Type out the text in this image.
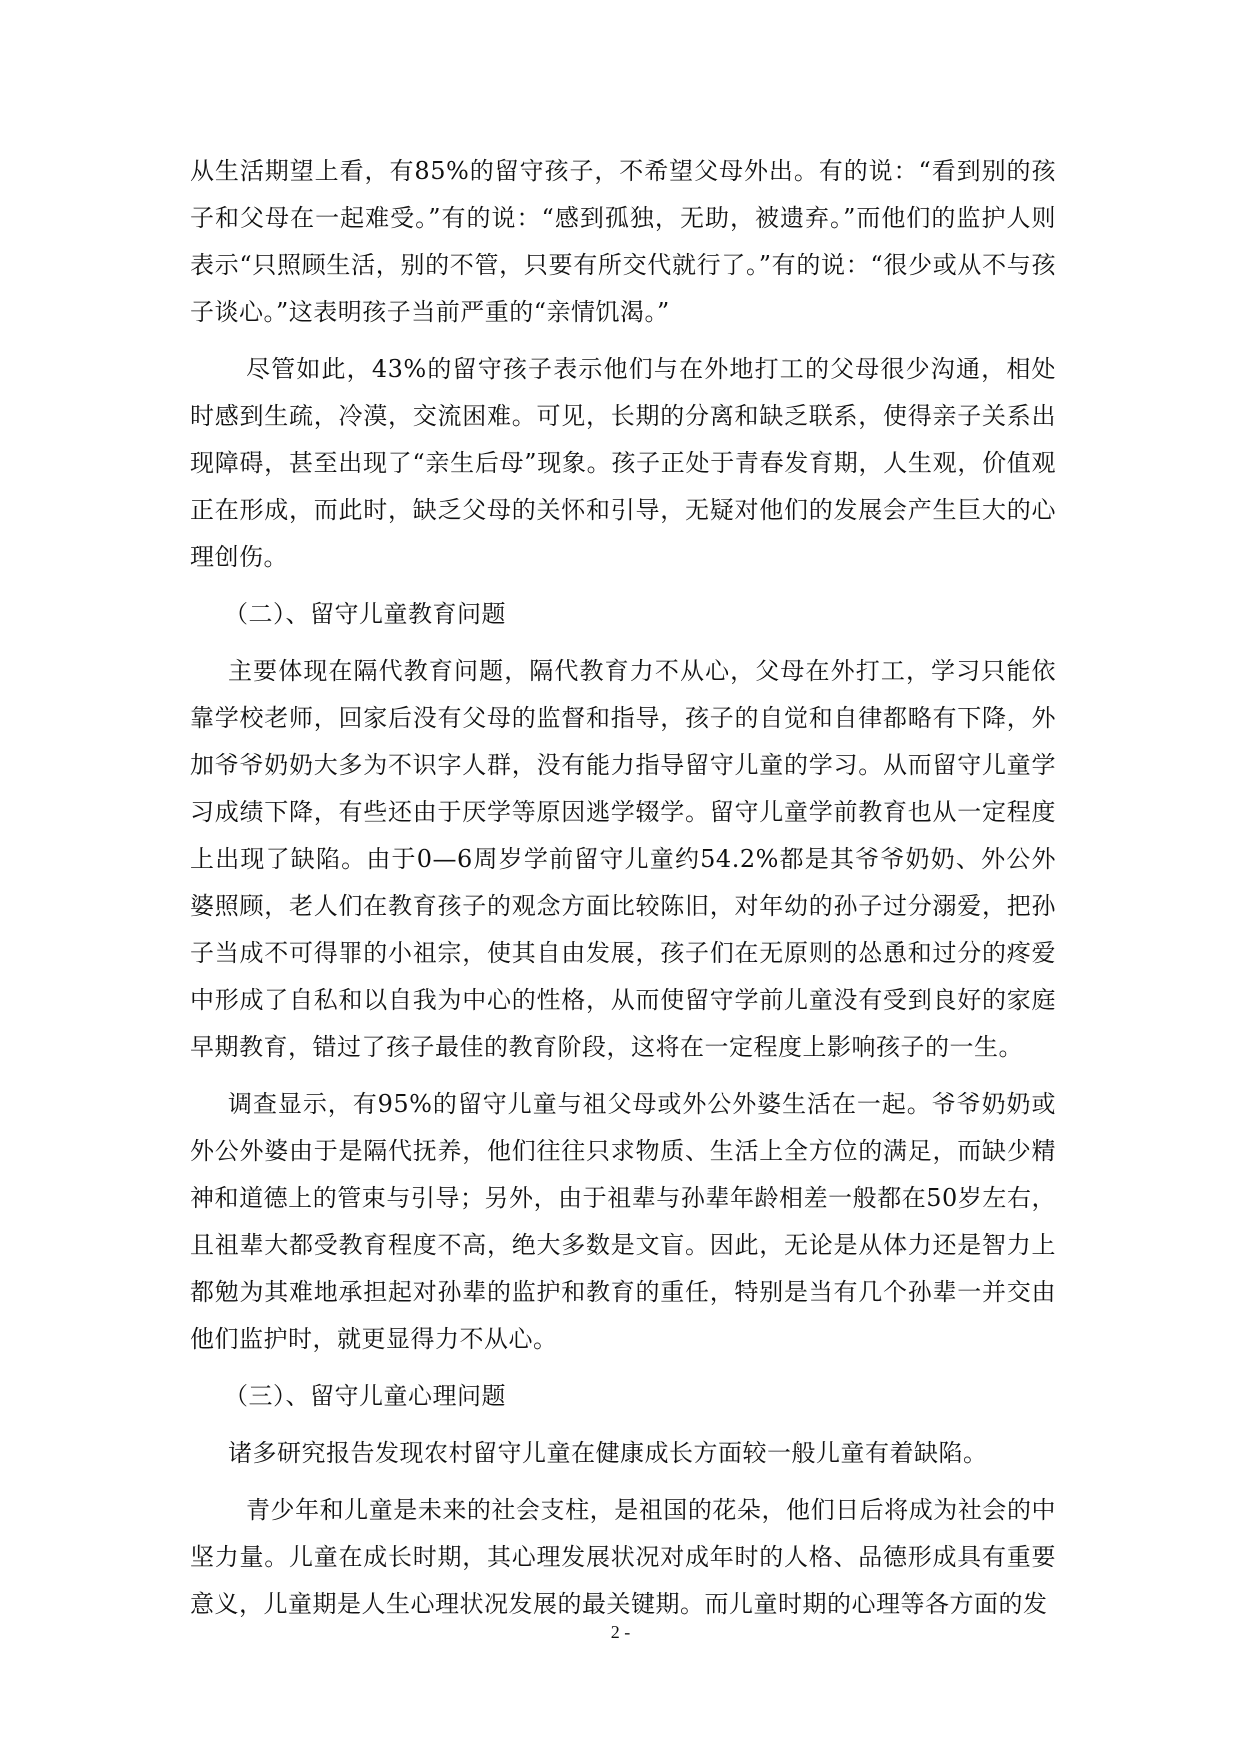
从生活期望上看，有85%的留守孩子，不希望父母外出。有的说：“看到别的孩子和父母在一起难受。”有的说：“感到孤独，无助，被遗弃。”而他们的监护人则表示“只照顾生活，别的不管，只要有所交代就行了。”有的说：“很少或从不与孩子谈心。”这表明孩子当前严重的“亲情饥渴。”

尽管如此，43%的留守孩子表示他们与在外地打工的父母很少沟通，相处时感到生疏，冷漠，交流困难。可见，长期的分离和缺乏联系，使得亲子关系出现障碍，甚至出现了“亲生后母”现象。孩子正处于青春发育期，人生观，价值观正在形成，而此时，缺乏父母的关怀和引导，无疑对他们的发展会产生巨大的心理创伤。

（二）、留守儿童教育问题

主要体现在隔代教育问题，隔代教育力不从心，父母在外打工，学习只能依靠学校老师，回家后没有父母的监督和指导，孩子的自觉和自律都略有下降，外加爷爷奶奶大多为不识字人群，没有能力指导留守儿童的学习。从而留守儿童学习成绩下降，有些还由于厌学等原因逃学辍学。留守儿童学前教育也从一定程度上出现了缺陷。由于0—6周岁学前留守儿童约54.2%都是其爷爷奶奶、外公外婆照顾，老人们在教育孩子的观念方面比较陈旧，对年幼的孙子过分溺爱，把孙子当成不可得罪的小祖宗，使其自由发展，孩子们在无原则的怂恿和过分的疼爱中形成了自私和以自我为中心的性格，从而使留守学前儿童没有受到良好的家庭早期教育，错过了孩子最佳的教育阶段，这将在一定程度上影响孩子的一生。

调查显示，有95%的留守儿童与祖父母或外公外婆生活在一起。爷爷奶奶或外公外婆由于是隔代抚养，他们往往只求物质、生活上全方位的满足，而缺少精神和道德上的管束与引导；另外，由于祖辈与孙辈年龄相差一般都在50岁左右，且祖辈大都受教育程度不高，绝大多数是文盲。因此，无论是从体力还是智力上都勉为其难地承担起对孙辈的监护和教育的重任，特别是当有几个孙辈一并交由他们监护时，就更显得力不从心。

（三）、留守儿童心理问题

诸多研究报告发现农村留守儿童在健康成长方面较一般儿童有着缺陷。

青少年和儿童是未来的社会支柱，是祖国的花朵，他们日后将成为社会的中坚力量。儿童在成长时期，其心理发展状况对成年时的人格、品德形成具有重要意义，儿童期是人生心理状况发展的最关键期。而儿童时期的心理等各方面的发

2 -
